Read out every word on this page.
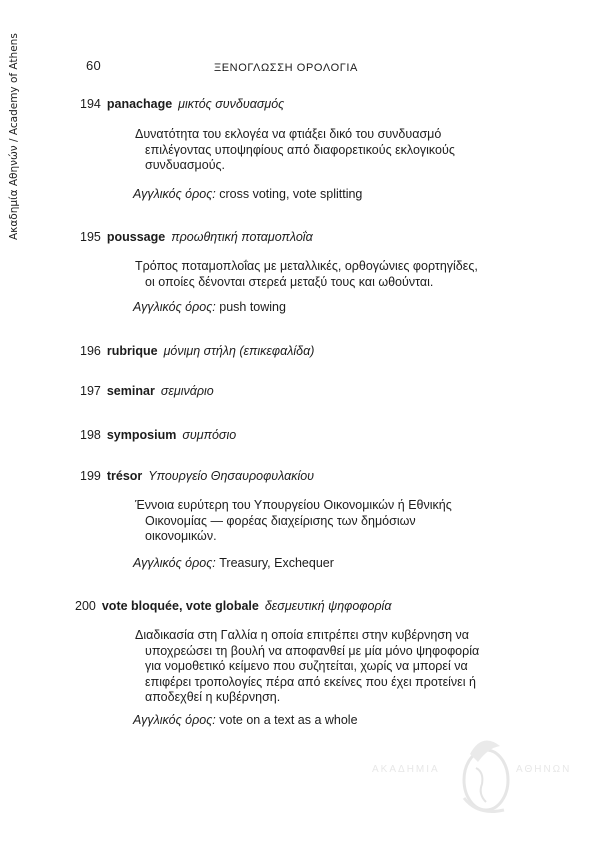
Ακαδημία Αθηνών / Academy of Athens	60	ΞΕΝΟΓΛΩΣΣΗ ΟΡΟΛΟΓΙΑ
194 panachage μικτός συνδυασμός
Δυνατότητα του εκλογέα να φτιάξει δικό του συνδυασμό
επιλέγοντας υποψηφίους από διαφορετικούς εκλογικούς
συνδυασμούς.
Αγγλικός όρος: cross voting, vote splitting
195 poussage προωθητική ποταμοπλοΐα
Τρόπος ποταμοπλοΐας με μεταλλικές, ορθογώνιες φορτηγίδες,
οι οποίες δένονται στερεά μεταξύ τους και ωθούνται.
Αγγλικός όρος: push towing
196 rubrique μόνιμη στήλη (επικεφαλίδα)
197 seminar σεμινάριο
198 symposium συμπόσιο
199 trésor Υπουργείο Θησαυροφυλακίου
Έννοια ευρύτερη του Υπουργείου Οικονομικών ή Εθνικής
Οικονομίας — φορέας διαχείρισης των δημόσιων
οικονομικών.
Αγγλικός όρος: Treasury, Exchequer
200 vote bloquée, vote globale δεσμευτική ψηφοφορία
Διαδικασία στη Γαλλία η οποία επιτρέπει στην κυβέρνηση να
υποχρεώσει τη βουλή να αποφανθεί με μία μόνο ψηφοφορία
για νομοθετικό κείμενο που συζητείται, χωρίς να μπορεί να
επιφέρει τροπολογίες πέρα από εκείνες που έχει προτείνει ή
αποδεχθεί η κυβέρνηση.
Αγγλικός όρος: vote on a text as a whole
ΑΚΑΔΗΜΙΑ	ΑΘΗΝΩΝ
